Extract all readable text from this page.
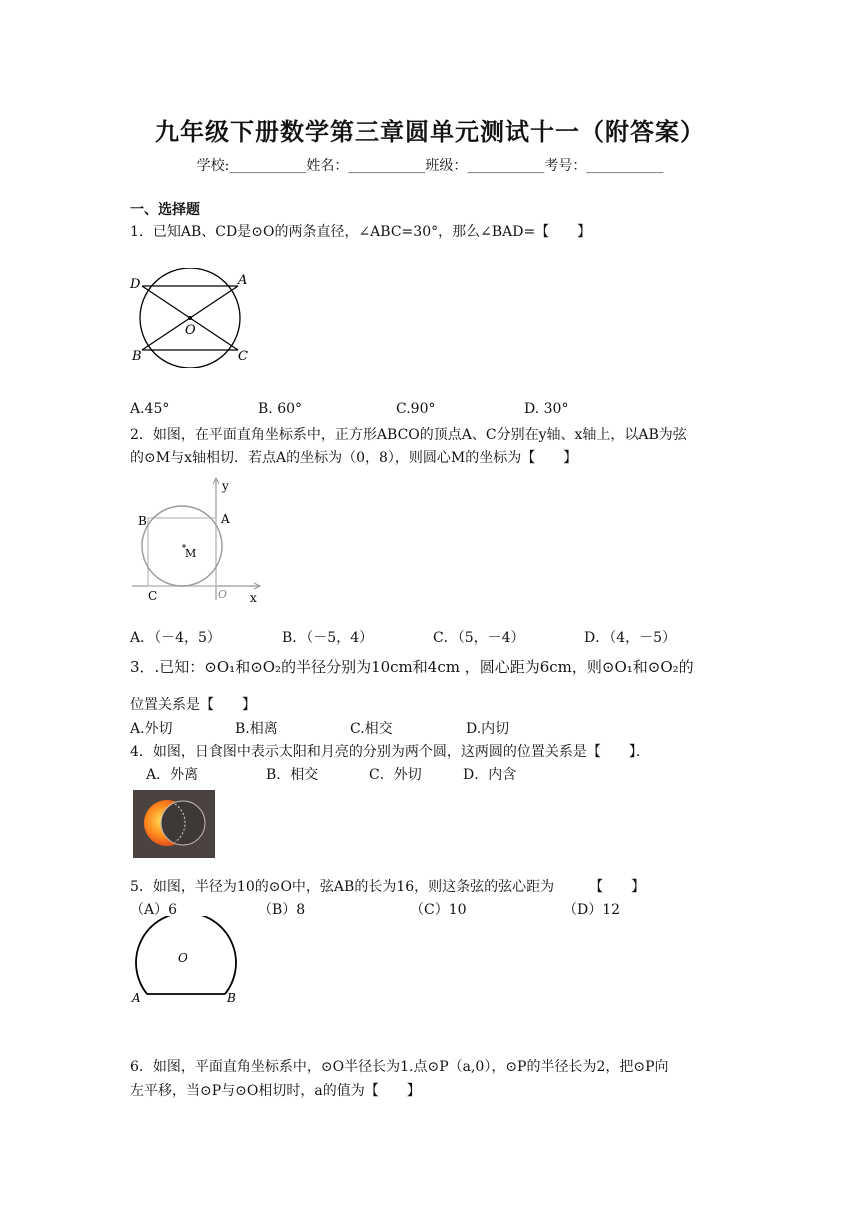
九年级下册数学第三章圆单元测试十一（附答案）
学校:___________姓名：___________班级：___________考号：___________
一、选择题
1．已知AB、CD是⊙O的两条直径，∠ABC=30°，那么∠BAD=【　　】
D	A
O
B	C
A.45°	B. 60°	C.90°	D. 30°
2．如图，在平面直角坐标系中，正方形ABCO的顶点A、C分别在y轴、x轴上，以AB为弦
的⊙M与x轴相切．若点A的坐标为（0，8），则圆心M的坐标为【　　】
y
B	A
M
C	O x
A．（－4，5）	B．（－5，4）	C．（5，－4）	D．（4，－5）
3．.已知：⊙O₁和⊙O₂的半径分别为10cm和4cm ，圆心距为6cm，则⊙O₁和⊙O₂的
位置关系是【　　】
A.外切	B.相离	C.相交	D.内切
4．如图，日食图中表示太阳和月亮的分别为两个圆，这两圆的位置关系是【　　】．
A．外离	B．相交	C．外切	D．内含
5．如图，半径为10的⊙O中，弦AB的长为16，则这条弦的弦心距为　　　【　　】
（A）6	（B）8	（C）10	（D）12
O
A	B
6．如图，平面直角坐标系中，⊙O半径长为1.点⊙P（a,0），⊙P的半径长为2，把⊙P向
左平移，当⊙P与⊙O相切时，a的值为【　　】
